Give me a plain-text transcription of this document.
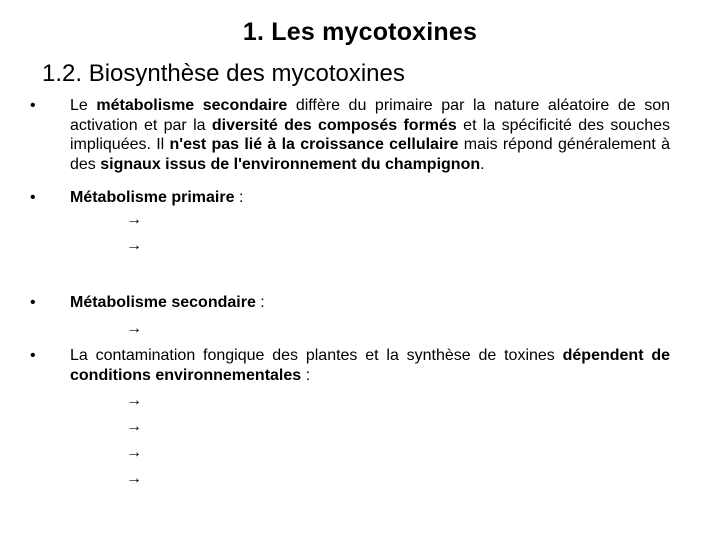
1. Les mycotoxines
1.2. Biosynthèse des mycotoxines
•	Le métabolisme secondaire diffère du primaire par la nature aléatoire de son activation et par la diversité des composés formés et la spécificité des souches impliquées. Il n'est pas lié à la croissance cellulaire mais répond généralement à des signaux issus de l'environnement du champignon.
•	Métabolisme primaire :
→
→
•	Métabolisme secondaire :
→
•	La contamination fongique des plantes et la synthèse de toxines dépendent de conditions environnementales :
→
→
→
→
